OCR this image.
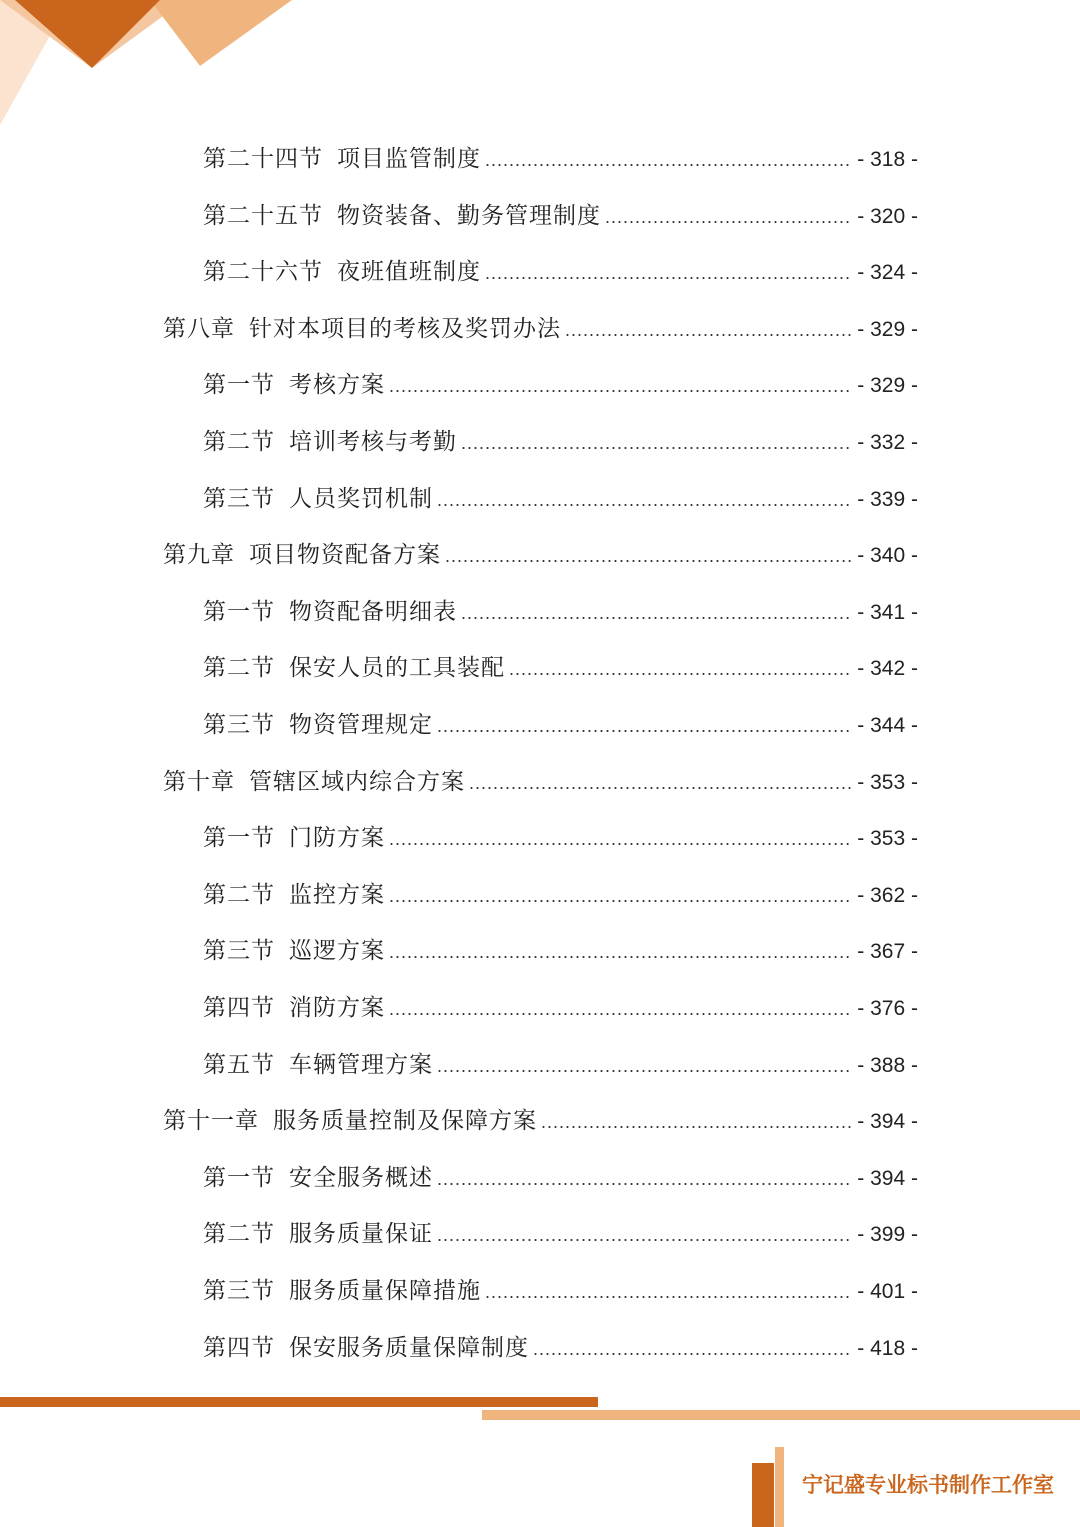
第二十四节 项目监管制度 .....	- 318 -
第二十五节 物资装备、勤务管理制度 .....	- 320 -
第二十六节 夜班值班制度 .....	- 324 -
第八章 针对本项目的考核及奖罚办法 .....	- 329 -
第一节 考核方案 .....	- 329 -
第二节 培训考核与考勤 .....	- 332 -
第三节 人员奖罚机制 .....	- 339 -
第九章 项目物资配备方案 .....	- 340 -
第一节 物资配备明细表 .....	- 341 -
第二节 保安人员的工具装配 .....	- 342 -
第三节 物资管理规定 .....	- 344 -
第十章 管辖区域内综合方案 .....	- 353 -
第一节 门防方案 .....	- 353 -
第二节 监控方案 .....	- 362 -
第三节 巡逻方案 .....	- 367 -
第四节 消防方案 .....	- 376 -
第五节 车辆管理方案 .....	- 388 -
第十一章 服务质量控制及保障方案 .....	- 394 -
第一节 安全服务概述 .....	- 394 -
第二节 服务质量保证 .....	- 399 -
第三节 服务质量保障措施 .....	- 401 -
第四节 保安服务质量保障制度 .....	- 418 -
宁记盛专业标书制作工作室
